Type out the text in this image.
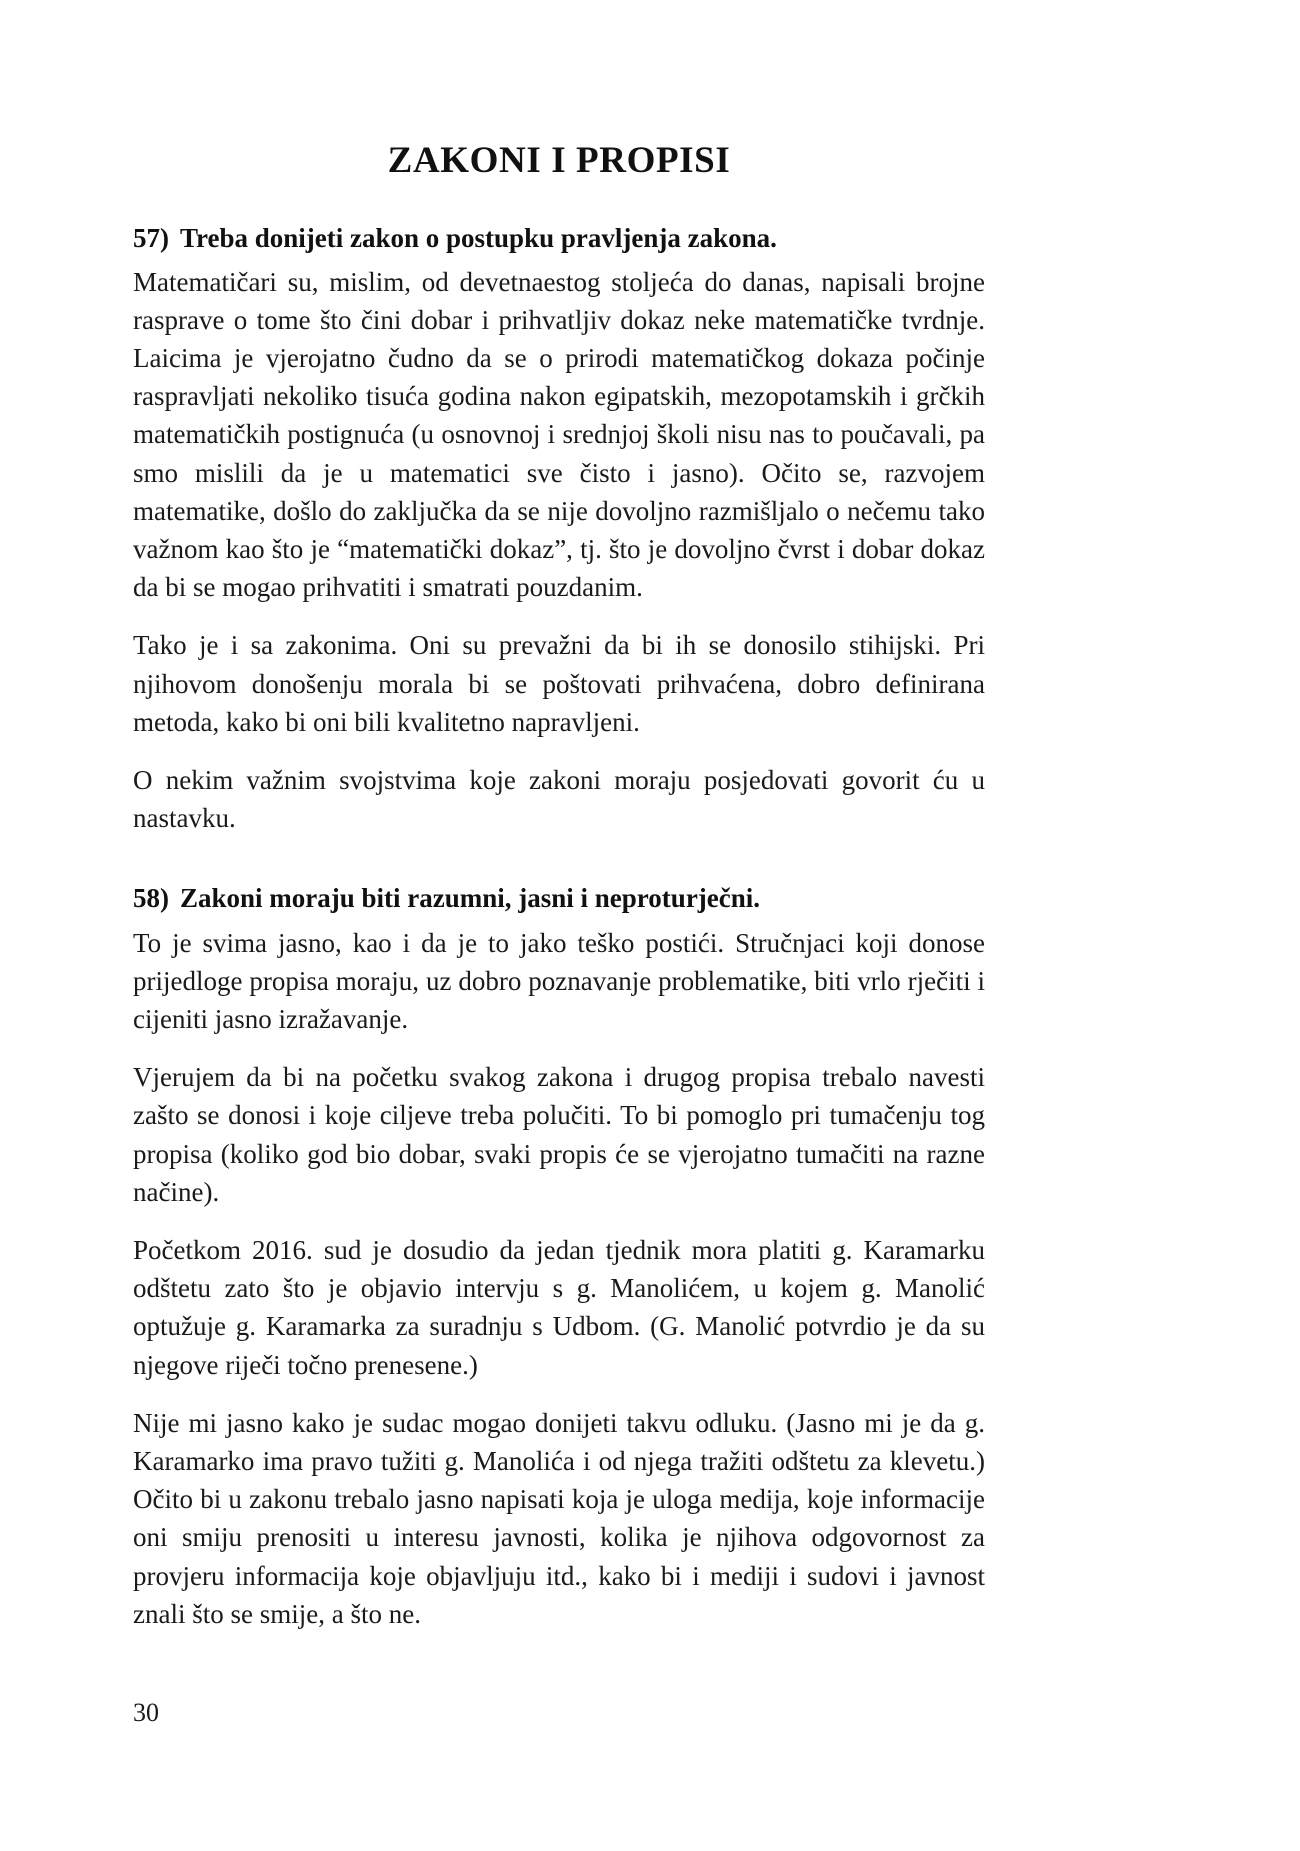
ZAKONI I PROPISI

57) Treba donijeti zakon o postupku pravljenja zakona.

Matematičari su, mislim, od devetnaestog stoljeća do danas, napisali brojne rasprave o tome što čini dobar i prihvatljiv dokaz neke matematičke tvrdnje. Laicima je vjerojatno čudno da se o prirodi matematičkog dokaza počinje raspravljati nekoliko tisuća godina nakon egipatskih, mezopotamskih i grčkih matematičkih postignuća (u osnovnoj i srednjoj školi nisu nas to poučavali, pa smo mislili da je u matematici sve čisto i jasno). Očito se, razvojem matematike, došlo do zaključka da se nije dovoljno razmišljalo o nečemu tako važnom kao što je “matematički dokaz”, tj. što je dovoljno čvrst i dobar dokaz da bi se mogao prihvatiti i smatrati pouzdanim.

Tako je i sa zakonima. Oni su prevažni da bi ih se donosilo stihijski. Pri njihovom donošenju morala bi se poštovati prihvaćena, dobro definirana metoda, kako bi oni bili kvalitetno napravljeni.

O nekim važnim svojstvima koje zakoni moraju posjedovati govorit ću u nastavku.

58) Zakoni moraju biti razumni, jasni i neproturječni.

To je svima jasno, kao i da je to jako teško postići. Stručnjaci koji donose prijedloge propisa moraju, uz dobro poznavanje problematike, biti vrlo rječiti i cijeniti jasno izražavanje.

Vjerujem da bi na početku svakog zakona i drugog propisa trebalo navesti zašto se donosi i koje ciljeve treba polučiti. To bi pomoglo pri tumačenju tog propisa (koliko god bio dobar, svaki propis će se vjerojatno tumačiti na razne načine).

Početkom 2016. sud je dosudio da jedan tjednik mora platiti g. Karamarku odštetu zato što je objavio intervju s g. Manolićem, u kojem g. Manolić optužuje g. Karamarka za suradnju s Udbom. (G. Manolić potvrdio je da su njegove riječi točno prenesene.)

Nije mi jasno kako je sudac mogao donijeti takvu odluku. (Jasno mi je da g. Karamarko ima pravo tužiti g. Manolića i od njega tražiti odštetu za klevetu.) Očito bi u zakonu trebalo jasno napisati koja je uloga medija, koje informacije oni smiju prenositi u interesu javnosti, kolika je njihova odgovornost za provjeru informacija koje objavljuju itd., kako bi i mediji i sudovi i javnost znali što se smije, a što ne.

30
